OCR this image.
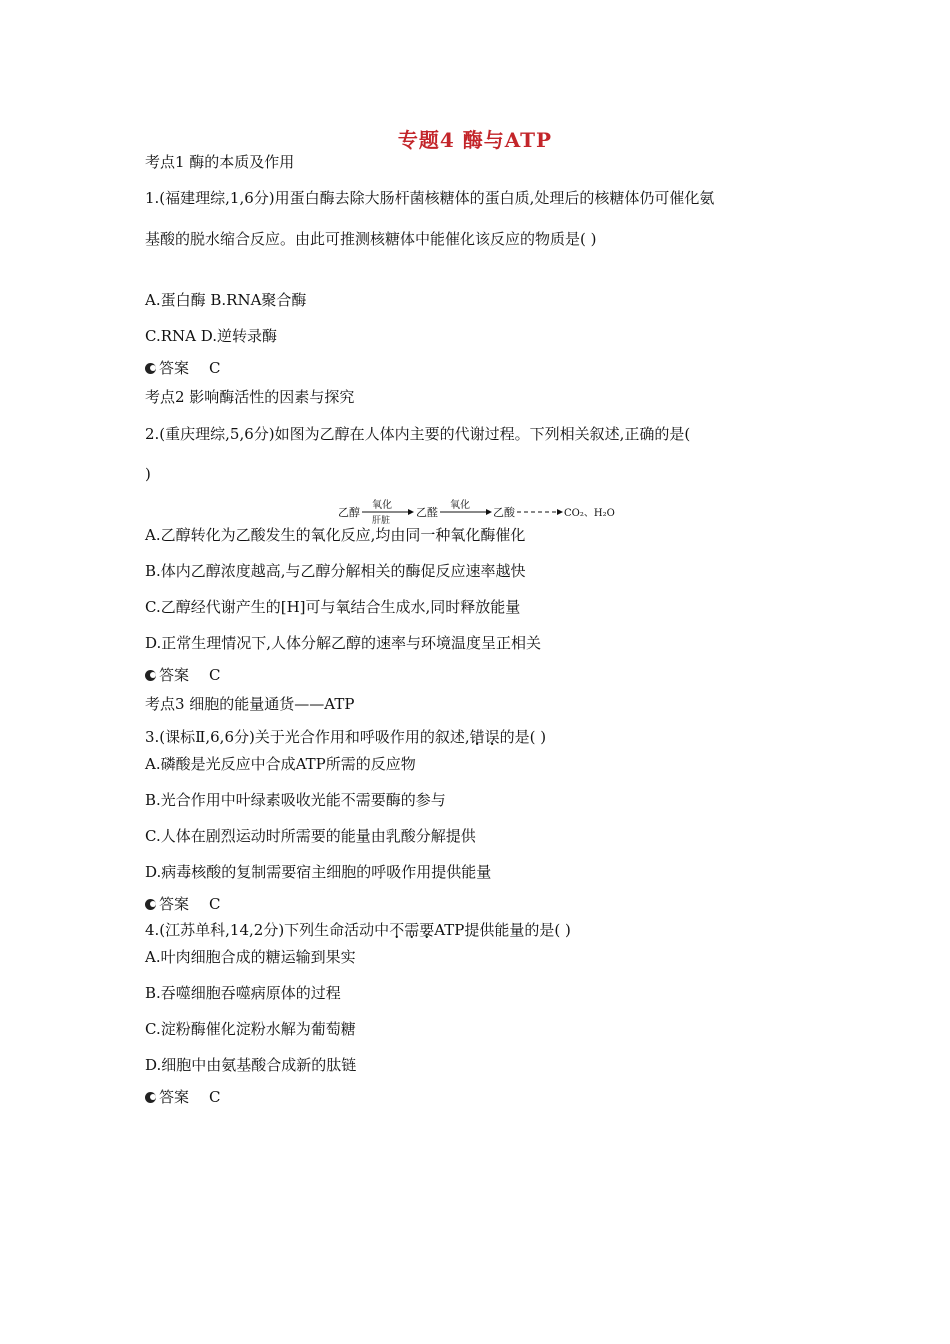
专题4 酶与ATP
考点1 酶的本质及作用
1.(福建理综,1,6分)用蛋白酶去除大肠杆菌核糖体的蛋白质,处理后的核糖体仍可催化氨
基酸的脱水缩合反应。由此可推测核糖体中能催化该反应的物质是( )
A.蛋白酶 B.RNA聚合酶
C.RNA D.逆转录酶
答案 C
考点2 影响酶活性的因素与探究
2.(重庆理综,5,6分)如图为乙醇在人体内主要的代谢过程。下列相关叙述,正确的是(
)
乙醇
氧化
肝脏
乙醛
氧化
乙酸	CO₂、H₂O
A.乙醇转化为乙酸发生的氧化反应,均由同一种氧化酶催化
B.体内乙醇浓度越高,与乙醇分解相关的酶促反应速率越快
C.乙醇经代谢产生的[H]可与氧结合生成水,同时释放能量
D.正常生理情况下,人体分解乙醇的速率与环境温度呈正相关
答案 C
考点3 细胞的能量通货——ATP
3.(课标Ⅱ,6,6分)关于光合作用和呼吸作用的叙述,错误的是( )
A.磷酸是光反应中合成ATP所需的反应物
B.光合作用中叶绿素吸收光能不需要酶的参与
C.人体在剧烈运动时所需要的能量由乳酸分解提供
D.病毒核酸的复制需要宿主细胞的呼吸作用提供能量
答案 C
4.(江苏单科,14,2分)下列生命活动中不需要ATP提供能量的是( )
A.叶肉细胞合成的糖运输到果实
B.吞噬细胞吞噬病原体的过程
C.淀粉酶催化淀粉水解为葡萄糖
D.细胞中由氨基酸合成新的肽链
答案 C
